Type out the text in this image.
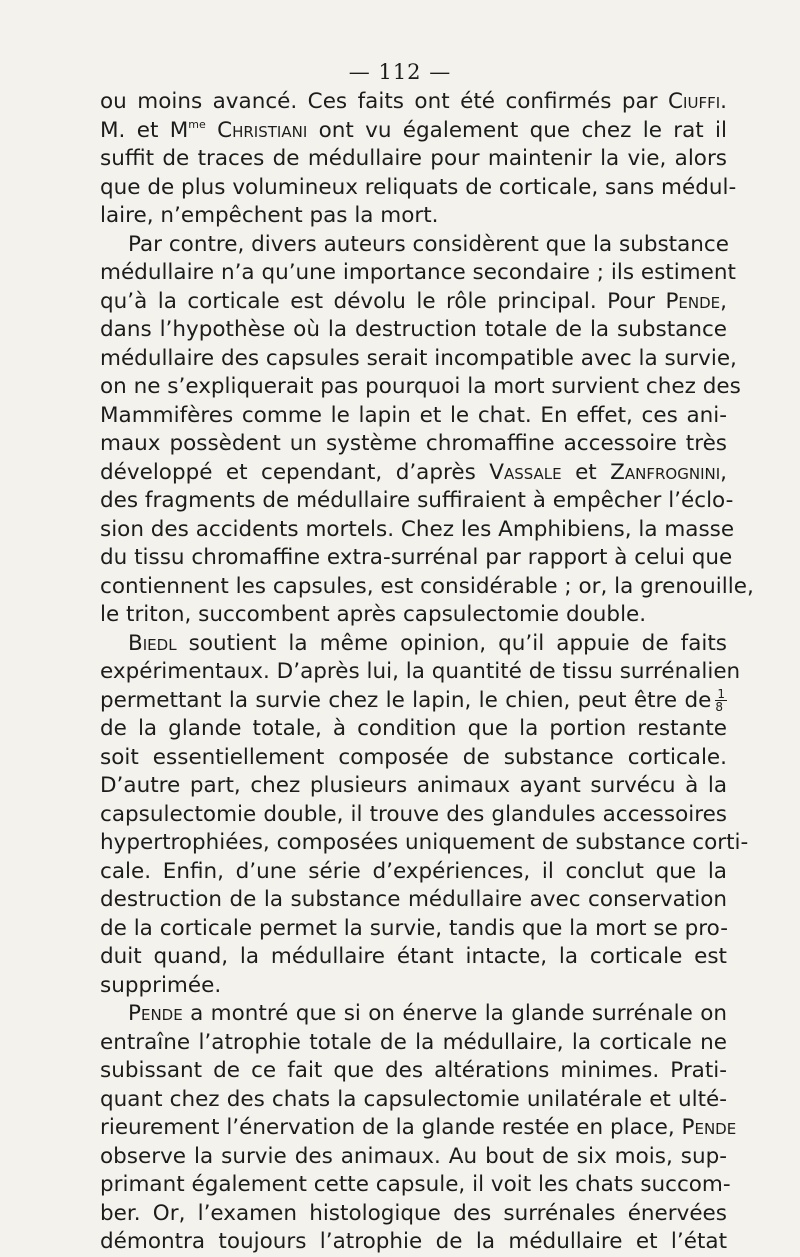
— 112 —
ou moins avancé. Ces faits ont été confirmés par Ciuffi.
M. et $M^{me}$ Christiani ont vu également que chez le rat il
suffit de traces de médullaire pour maintenir la vie, alors
que de plus volumineux reliquats de corticale, sans médul-
laire, n’empêchent pas la mort.
Par contre, divers auteurs considèrent que la substance
médullaire n’a qu’une importance secondaire ; ils estiment
qu’à la corticale est dévolu le rôle principal. Pour Pende,
dans l’hypothèse où la destruction totale de la substance
médullaire des capsules serait incompatible avec la survie,
on ne s’expliquerait pas pourquoi la mort survient chez des
Mammifères comme le lapin et le chat. En effet, ces ani-
maux possèdent un système chromaffine accessoire très
développé et cependant, d’après Vassale et Zanfrognini,
des fragments de médullaire suffiraient à empêcher l’éclo-
sion des accidents mortels. Chez les Amphibiens, la masse
du tissu chromaffine extra-surrénal par rapport à celui que
contiennent les capsules, est considérable ; or, la grenouille,
le triton, succombent après capsulectomie double.
Biedl soutient la même opinion, qu’il appuie de faits
expérimentaux. D’après lui, la quantité de tissu surrénalien
permettant la survie chez le lapin, le chien, peut être de $\frac{1}{8}$
de la glande totale, à condition que la portion restante
soit essentiellement composée de substance corticale.
D’autre part, chez plusieurs animaux ayant survécu à la
capsulectomie double, il trouve des glandules accessoires
hypertrophiées, composées uniquement de substance corti-
cale. Enfin, d’une série d’expériences, il conclut que la
destruction de la substance médullaire avec conservation
de la corticale permet la survie, tandis que la mort se pro-
duit quand, la médullaire étant intacte, la corticale est
supprimée.
Pende a montré que si on énerve la glande surrénale on
entraîne l’atrophie totale de la médullaire, la corticale ne
subissant de ce fait que des altérations minimes. Prati-
quant chez des chats la capsulectomie unilatérale et ulté-
rieurement l’énervation de la glande restée en place, Pende
observe la survie des animaux. Au bout de six mois, sup-
primant également cette capsule, il voit les chats succom-
ber. Or, l’examen histologique des surrénales énervées
démontra toujours l’atrophie de la médullaire et l’état
